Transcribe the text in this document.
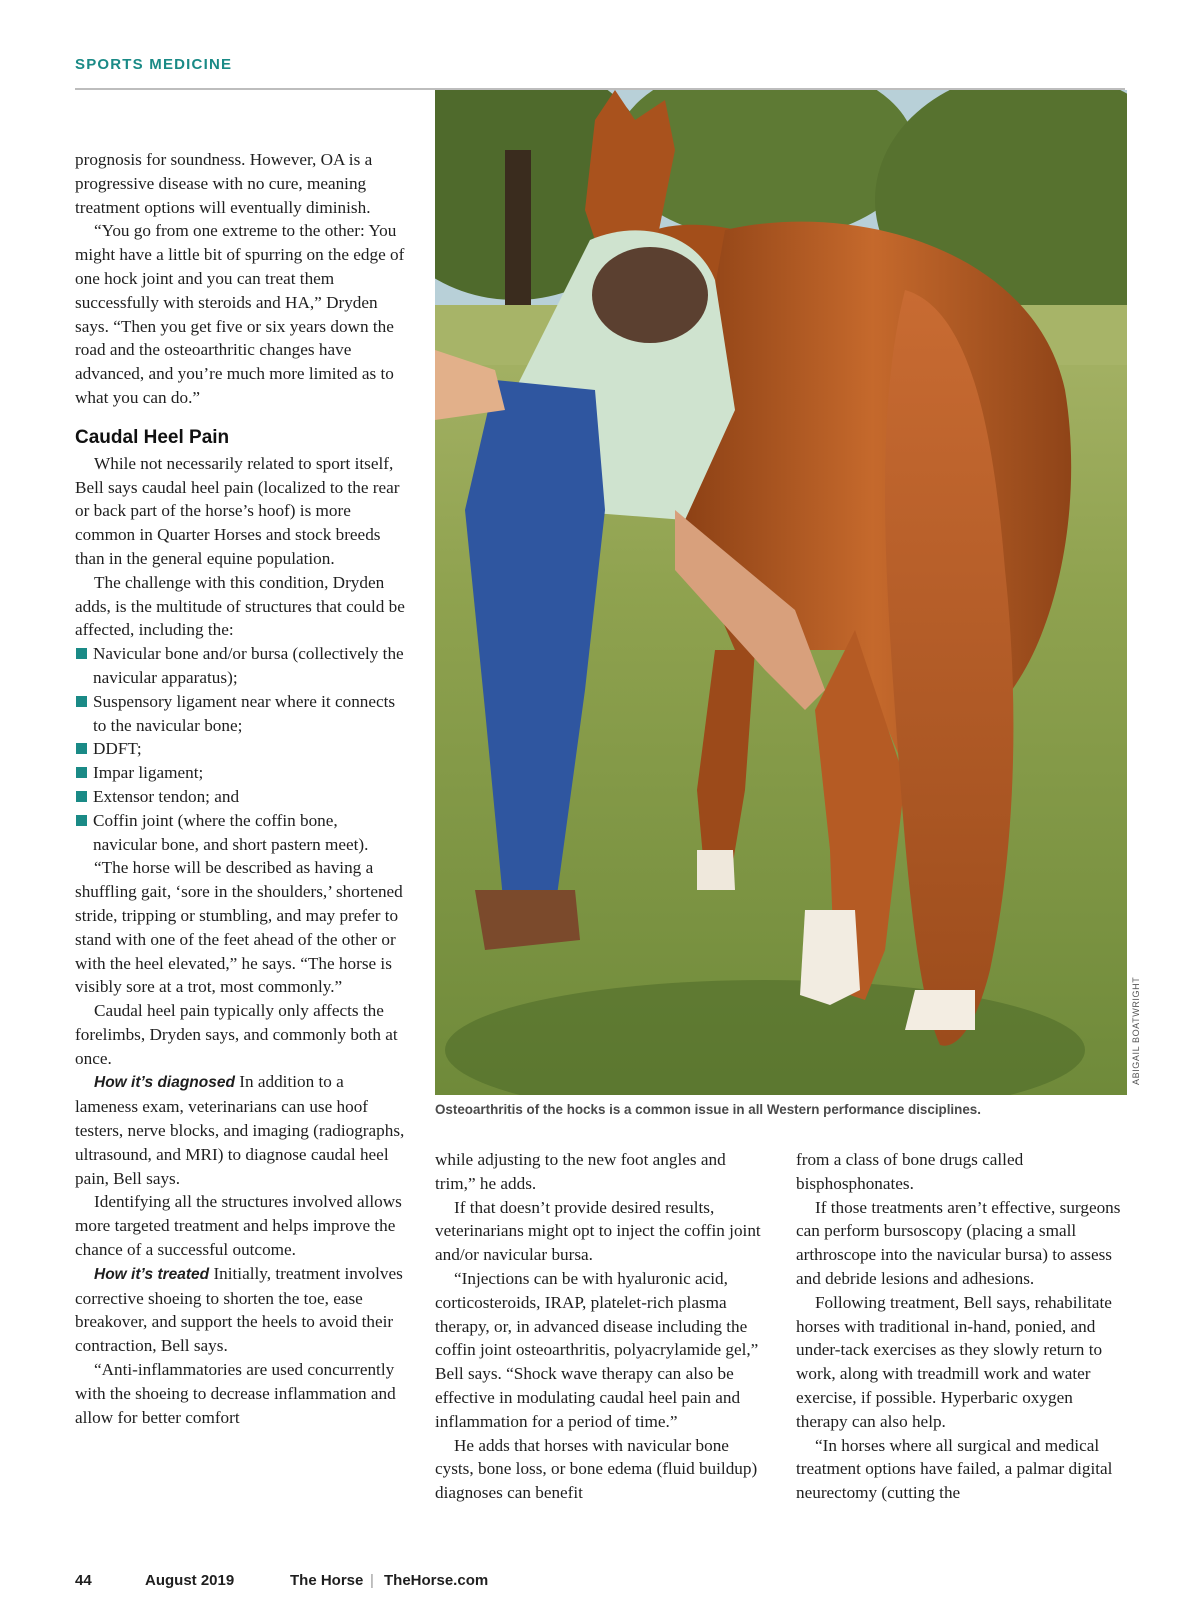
SPORTS MEDICINE

prognosis for soundness. However, OA is a progressive disease with no cure, meaning treatment options will eventually diminish.

“You go from one extreme to the other: You might have a little bit of spurring on the edge of one hock joint and you can treat them successfully with steroids and HA,” Dryden says. “Then you get five or six years down the road and the osteoarthritic changes have advanced, and you’re much more limited as to what you can do.”

Caudal Heel Pain

While not necessarily related to sport itself, Bell says caudal heel pain (localized to the rear or back part of the horse’s hoof) is more common in Quarter Horses and stock breeds than in the general equine population.

The challenge with this condition, Dryden adds, is the multitude of structures that could be affected, including the:

Navicular bone and/or bursa (collectively the navicular apparatus);
Suspensory ligament near where it connects to the navicular bone;
DDFT;
Impar ligament;
Extensor tendon; and
Coffin joint (where the coffin bone, navicular bone, and short pastern meet).

“The horse will be described as having a shuffling gait, ‘sore in the shoulders,’ shortened stride, tripping or stumbling, and may prefer to stand with one of the feet ahead of the other or with the heel elevated,” he says. “The horse is visibly sore at a trot, most commonly.”

Caudal heel pain typically only affects the forelimbs, Dryden says, and commonly both at once.

How it’s diagnosed In addition to a lameness exam, veterinarians can use hoof testers, nerve blocks, and imaging (radiographs, ultrasound, and MRI) to diagnose caudal heel pain, Bell says.

Identifying all the structures involved allows more targeted treatment and helps improve the chance of a successful outcome.

How it’s treated Initially, treatment involves corrective shoeing to shorten the toe, ease breakover, and support the heels to avoid their contraction, Bell says.

“Anti-inflammatories are used concurrently with the shoeing to decrease inflammation and allow for better comfort

ABIGAIL BOATWRIGHT
Osteoarthritis of the hocks is a common issue in all Western performance disciplines.

while adjusting to the new foot angles and trim,” he adds.

If that doesn’t provide desired results, veterinarians might opt to inject the coffin joint and/or navicular bursa.

“Injections can be with hyaluronic acid, corticosteroids, IRAP, platelet-rich plasma therapy, or, in advanced disease including the coffin joint osteoarthritis, polyacrylamide gel,” Bell says. “Shock wave therapy can also be effective in modulating caudal heel pain and inflammation for a period of time.”

He adds that horses with navicular bone cysts, bone loss, or bone edema (fluid buildup) diagnoses can benefit

from a class of bone drugs called bisphosphonates.

If those treatments aren’t effective, surgeons can perform bursoscopy (placing a small arthroscope into the navicular bursa) to assess and debride lesions and adhesions.

Following treatment, Bell says, rehabilitate horses with traditional in-hand, ponied, and under-tack exercises as they slowly return to work, along with treadmill work and water exercise, if possible. Hyperbaric oxygen therapy can also help.

“In horses where all surgical and medical treatment options have failed, a palmar digital neurectomy (cutting the

44	August 2019	The Horse | TheHorse.com
